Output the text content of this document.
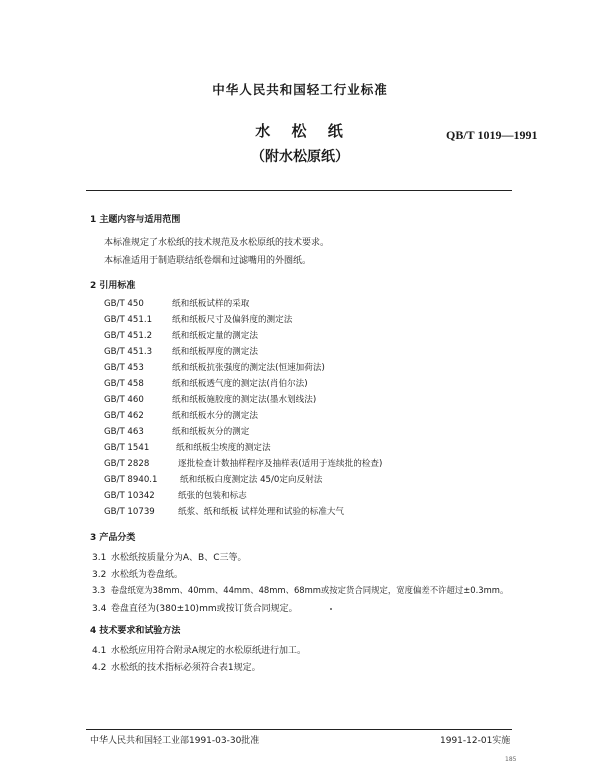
中华人民共和国轻工行业标准
水 松 纸
（附水松原纸）
QB/T 1019—1991
1 主题内容与适用范围
本标准规定了水松纸的技术规范及水松原纸的技术要求。
本标准适用于制造联结纸卷烟和过滤嘴用的外圈纸。
2 引用标准
GB/T 450	纸和纸板试样的采取
GB/T 451.1 纸和纸板尺寸及偏斜度的测定法
GB/T 451.2 纸和纸板定量的测定法
GB/T 451.3 纸和纸板厚度的测定法
GB/T 453	纸和纸板抗张强度的测定法(恒速加荷法)
GB/T 458	纸和纸板透气度的测定法(肖伯尔法)
GB/T 460	纸和纸板施胶度的测定法(墨水划线法)
GB/T 462	纸和纸板水分的测定法
GB/T 463	纸和纸板灰分的测定
GB/T 1541	纸和纸板尘埃度的测定法
GB/T 2828	逐批检查计数抽样程序及抽样表(适用于连续批的检查)
GB/T 8940.1	纸和纸板白度测定法 45/0定向反射法
GB/T 10342	纸张的包装和标志
GB/T 10739	纸浆、纸和纸板 试样处理和试验的标准大气
3 产品分类
3.1 水松纸按质量分为A、B、C三等。
3.2 水松纸为卷盘纸。
3.3 卷盘纸宽为38mm、40mm、44mm、48mm、68mm或按定货合同规定，宽度偏差不许超过±0.3mm。
3.4 卷盘直径为(380±10)mm或按订货合同规定。
4 技术要求和试验方法
4.1 水松纸应用符合附录A规定的水松原纸进行加工。
4.2 水松纸的技术指标必须符合表1规定。
中华人民共和国轻工业部1991-03-30批准	1991-12-01实施
185
